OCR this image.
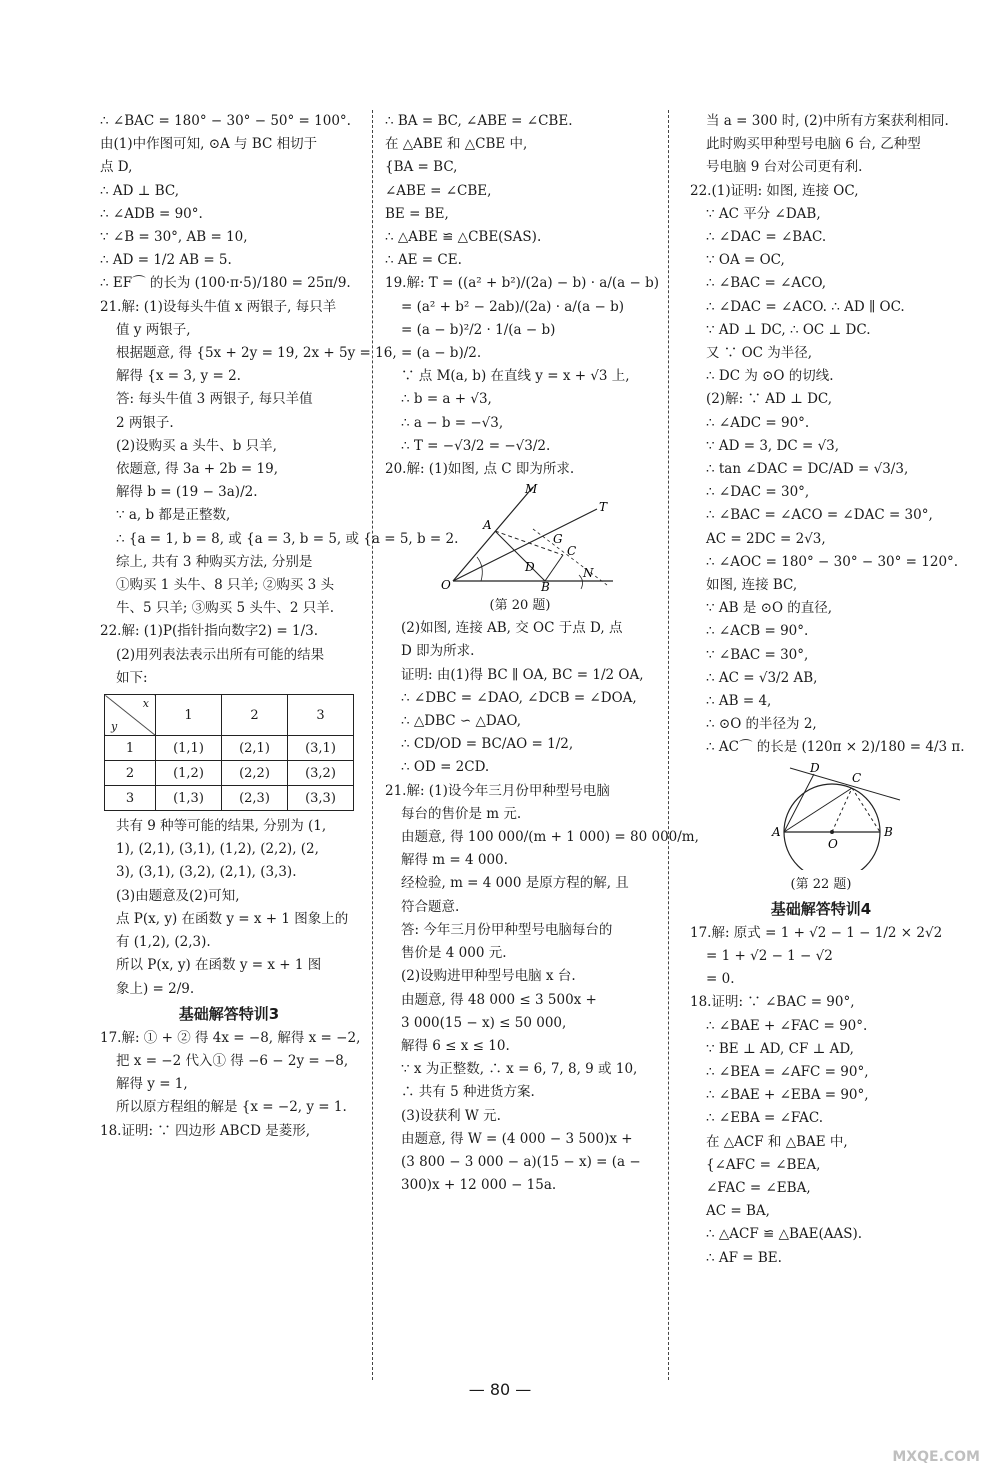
∴ ∠BAC = 180° − 30° − 50° = 100°.
由(1)中作图可知, ⊙A 与 BC 相切于
点 D,
∴ AD ⊥ BC,
∴ ∠ADB = 90°.
∵ ∠B = 30°, AB = 10,
∴ AD = 1/2 AB = 5.
∴ EF⌒ 的长为 (100·π·5)/180 = 25π/9.
21.解: (1)设每头牛值 x 两银子, 每只羊
值 y 两银子,
根据题意, 得 {5x + 2y = 19, 2x + 5y = 16,
解得 {x = 3, y = 2.
答: 每头牛值 3 两银子, 每只羊值
2 两银子.
(2)设购买 a 头牛、b 只羊,
依题意, 得 3a + 2b = 19,
解得 b = (19 − 3a)/2.
∵ a, b 都是正整数,
∴ {a = 1, b = 8, 或 {a = 3, b = 5, 或 {a = 5, b = 2.
综上, 共有 3 种购买方法, 分别是
①购买 1 头牛、8 只羊; ②购买 3 头
牛、5 只羊; ③购买 5 头牛、2 只羊.
22.解: (1)P(指针指向数字2) = 1/3.
(2)用列表法表示出所有可能的结果
如下:
x
y	1	2	3
1	(1,1)	(2,1)	(3,1)
2	(1,2)	(2,2)	(3,2)
3	(1,3)	(2,3)	(3,3)
共有 9 种等可能的结果, 分别为 (1,
1), (2,1), (3,1), (1,2), (2,2), (2,
3), (3,1), (3,2), (2,1), (3,3).
(3)由题意及(2)可知,
点 P(x, y) 在函数 y = x + 1 图象上的
有 (1,2), (2,3).
所以 P(x, y) 在函数 y = x + 1 图
象上) = 2/9.
基础解答特训3
17.解: ① + ② 得 4x = −8, 解得 x = −2,
把 x = −2 代入① 得 −6 − 2y = −8,
解得 y = 1,
所以原方程组的解是 {x = −2, y = 1.
18.证明: ∵ 四边形 ABCD 是菱形,
∴ BA = BC, ∠ABE = ∠CBE.
在 △ABE 和 △CBE 中,
{BA = BC,
∠ABE = ∠CBE,
BE = BE,
∴ △ABE ≌ △CBE(SAS).
∴ AE = CE.
19.解: T = ((a² + b²)/(2a) − b) · a/(a − b)
= (a² + b² − 2ab)/(2a) · a/(a − b)
= (a − b)²/2 · 1/(a − b)
= (a − b)/2.
∵ 点 M(a, b) 在直线 y = x + √3 上,
∴ b = a + √3,
∴ a − b = −√3,
∴ T = −√3/2 = −√3/2.
20.解: (1)如图, 点 C 即为所求.
M
A
G
T
C
D
O	B
N
(第 20 题)
(2)如图, 连接 AB, 交 OC 于点 D, 点
D 即为所求.
证明: 由(1)得 BC ∥ OA, BC = 1/2 OA,
∴ ∠DBC = ∠DAO, ∠DCB = ∠DOA,
∴ △DBC ∽ △DAO,
∴ CD/OD = BC/AO = 1/2,
∴ OD = 2CD.
21.解: (1)设今年三月份甲种型号电脑
每台的售价是 m 元.
由题意, 得 100 000/(m + 1 000) = 80 000/m,
解得 m = 4 000.
经检验, m = 4 000 是原方程的解, 且
符合题意.
答: 今年三月份甲种型号电脑每台的
售价是 4 000 元.
(2)设购进甲种型号电脑 x 台.
由题意, 得 48 000 ≤ 3 500x +
3 000(15 − x) ≤ 50 000,
解得 6 ≤ x ≤ 10.
∵ x 为正整数, ∴ x = 6, 7, 8, 9 或 10,
∴ 共有 5 种进货方案.
(3)设获利 W 元.
由题意, 得 W = (4 000 − 3 500)x +
(3 800 − 3 000 − a)(15 − x) = (a −
300)x + 12 000 − 15a.
当 a = 300 时, (2)中所有方案获利相同.
此时购买甲种型号电脑 6 台, 乙种型
号电脑 9 台对公司更有利.
22.(1)证明: 如图, 连接 OC,
∵ AC 平分 ∠DAB,
∴ ∠DAC = ∠BAC.
∵ OA = OC,
∴ ∠BAC = ∠ACO,
∴ ∠DAC = ∠ACO. ∴ AD ∥ OC.
∵ AD ⊥ DC, ∴ OC ⊥ DC.
又 ∵ OC 为半径,
∴ DC 为 ⊙O 的切线.
(2)解: ∵ AD ⊥ DC,
∴ ∠ADC = 90°.
∵ AD = 3, DC = √3,
∴ tan ∠DAC = DC/AD = √3/3,
∴ ∠DAC = 30°,
∴ ∠BAC = ∠ACO = ∠DAC = 30°,
AC = 2DC = 2√3,
∴ ∠AOC = 180° − 30° − 30° = 120°.
如图, 连接 BC,
∵ AB 是 ⊙O 的直径,
∴ ∠ACB = 90°.
∵ ∠BAC = 30°,
∴ AC = √3/2 AB,
∴ AB = 4,
∴ ⊙O 的半径为 2,
∴ AC⌒ 的长是 (120π × 2)/180 = 4/3 π.
D
C
A
O
B
(第 22 题)
基础解答特训4
17.解: 原式 = 1 + √2 − 1 − 1/2 × 2√2
= 1 + √2 − 1 − √2
= 0.
18.证明: ∵ ∠BAC = 90°,
∴ ∠BAE + ∠FAC = 90°.
∵ BE ⊥ AD, CF ⊥ AD,
∴ ∠BEA = ∠AFC = 90°,
∴ ∠BAE + ∠EBA = 90°,
∴ ∠EBA = ∠FAC.
在 △ACF 和 △BAE 中,
{∠AFC = ∠BEA,
∠FAC = ∠EBA,
AC = BA,
∴ △ACF ≌ △BAE(AAS).
∴ AF = BE.
— 80 —
MXQE.COM
